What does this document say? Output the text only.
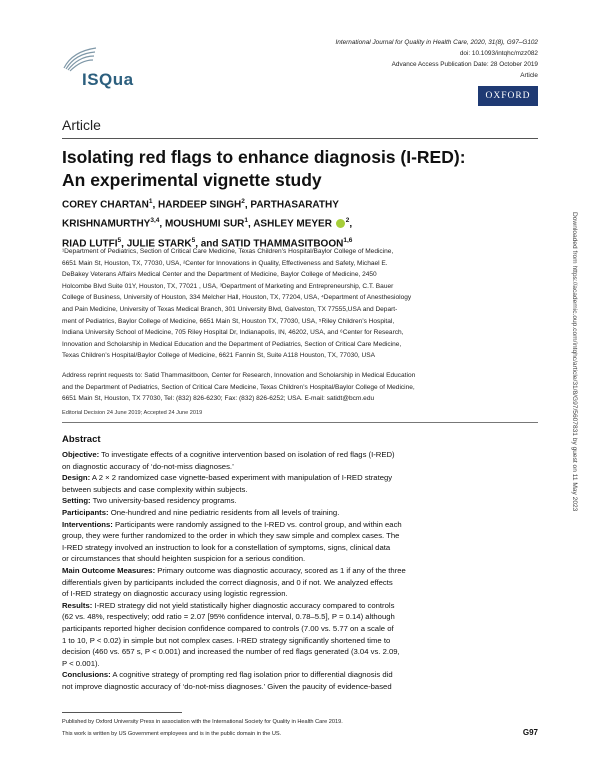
ISQua
International Journal for Quality in Health Care, 2020, 31(8), G97–G102
doi: 10.1093/intqhc/mzz082
Advance Access Publication Date: 28 October 2019
Article
OXFORD
Article
Isolating red flags to enhance diagnosis (I-RED):
An experimental vignette study
COREY CHARTAN$^1$, HARDEEP SINGH$^2$, PARTHASARATHY
KRISHNAMURTHY$^{3,4}$, MOUSHUMI SUR$^1$, ASHLEY MEYER $^2$,
RIAD LUTFI$^5$, JULIE STARK$^5$, and SATID THAMMASITBOON$^{1,6}$
¹Department of Pediatrics, Section of Critical Care Medicine, Texas Children’s Hospital/Baylor College of Medicine,
6651 Main St, Houston, TX, 77030, USA, ²Center for Innovations in Quality, Effectiveness and Safety, Michael E.
DeBakey Veterans Affairs Medical Center and the Department of Medicine, Baylor College of Medicine, 2450
Holcombe Blvd Suite 01Y, Houston, TX, 77021 , USA, ³Department of Marketing and Entrepreneurship, C.T. Bauer
College of Business, University of Houston, 334 Melcher Hall, Houston, TX, 77204, USA, ⁴Department of Anesthesiology
and Pain Medicine, University of Texas Medical Branch, 301 University Blvd, Galveston, TX 77555,USA and Depart-
ment of Pediatrics, Baylor College of Medicine, 6651 Main St, Houston TX, 77030, USA, ⁵Riley Children’s Hospital,
Indiana University School of Medicine, 705 Riley Hospital Dr, Indianapolis, IN, 46202, USA, and ⁶Center for Research,
Innovation and Scholarship in Medical Education and the Department of Pediatrics, Section of Critical Care Medicine,
Texas Children’s Hospital/Baylor College of Medicine, 6621 Fannin St, Suite A118 Houston, TX, 77030, USA
Address reprint requests to: Satid Thammasitboon, Center for Research, Innovation and Scholarship in Medical Education
and the Department of Pediatrics, Section of Critical Care Medicine, Texas Children’s Hospital/Baylor College of Medicine,
6651 Main St, Houston, TX 77030, Tel: (832) 826-6230; Fax: (832) 826-6252; USA. E-mail: satidt@bcm.edu
Editorial Decision 24 June 2019; Accepted 24 June 2019
Abstract
Objective: To investigate effects of a cognitive intervention based on isolation of red flags (I-RED)
on diagnostic accuracy of ‘do-not-miss diagnoses.’
Design: A 2 × 2 randomized case vignette-based experiment with manipulation of I-RED strategy
between subjects and case complexity within subjects.
Setting: Two university-based residency programs.
Participants: One-hundred and nine pediatric residents from all levels of training.
Interventions: Participants were randomly assigned to the I-RED vs. control group, and within each
group, they were further randomized to the order in which they saw simple and complex cases. The
I-RED strategy involved an instruction to look for a constellation of symptoms, signs, clinical data
or circumstances that should heighten suspicion for a serious condition.
Main Outcome Measures: Primary outcome was diagnostic accuracy, scored as 1 if any of the three
differentials given by participants included the correct diagnosis, and 0 if not. We analyzed effects
of I-RED strategy on diagnostic accuracy using logistic regression.
Results: I-RED strategy did not yield statistically higher diagnostic accuracy compared to controls
(62 vs. 48%, respectively; odd ratio = 2.07 [95% confidence interval, 0.78–5.5], P = 0.14) although
participants reported higher decision confidence compared to controls (7.00 vs. 5.77 on a scale of
1 to 10, P < 0.02) in simple but not complex cases. I-RED strategy significantly shortened time to
decision (460 vs. 657 s, P < 0.001) and increased the number of red flags generated (3.04 vs. 2.09,
P < 0.001).
Conclusions: A cognitive strategy of prompting red flag isolation prior to differential diagnosis did
not improve diagnostic accuracy of ‘do-not-miss diagnoses.’ Given the paucity of evidence-based
Published by Oxford University Press in association with the International Society for Quality in Health Care 2019.
This work is written by US Government employees and is in the public domain in the US.	G97
Downloaded from https://academic.oup.com/intqhc/article/31/8/G97/5607831 by guest on 11 May 2023
